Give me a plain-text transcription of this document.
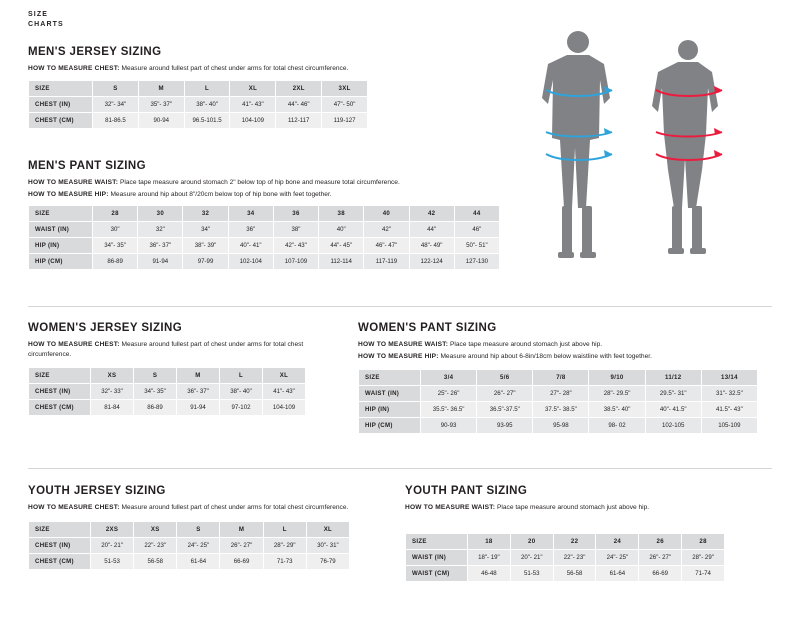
SIZE
CHARTS
MEN'S JERSEY SIZING

HOW TO MEASURE CHEST: Measure around fullest part of chest under arms for total chest circumference.

SIZE	S	M	L	XL	2XL	3XL
CHEST (IN)	32"- 34"	35"- 37"	38"- 40"	41"- 43"	44"- 46"	47"- 50"
CHEST (CM)	81-86.5	90-94	96.5-101.5	104-109	112-117	119-127
MEN'S PANT SIZING

HOW TO MEASURE WAIST: Place tape measure around stomach 2" below top of hip bone and measure total circumference.

HOW TO MEASURE HIP: Measure around hip about 8"/20cm below top of hip bone with feet together.

SIZE	28	30	32	34	36	38	40	42	44
WAIST (IN)	30"	32"	34"	36"	38"	40"	42"	44"	46"
HIP (IN)	34"- 35"	36"- 37"	38"- 39"	40"- 41"	42"- 43"	44"- 45"	46"- 47"	48"- 49"	50"- 51"
HIP (CM)	86-89	91-94	97-99	102-104	107-109	112-114	117-119	122-124	127-130
WOMEN'S JERSEY SIZING

HOW TO MEASURE CHEST: Measure around fullest part of chest under arms for total chest circumference.

SIZE	XS	S	M	L	XL
CHEST (IN)	32"- 33"	34"- 35"	36"- 37"	38"- 40"	41"- 43"
CHEST (CM)	81-84	86-89	91-94	97-102	104-109
WOMEN'S PANT SIZING

HOW TO MEASURE WAIST: Place tape measure around stomach just above hip.

HOW TO MEASURE HIP: Measure around hip about 6-8in/18cm below waistline with feet together.

SIZE	3/4	5/6	7/8	9/10	11/12	13/14
WAIST (IN)	25"- 26"	26"- 27"	27"- 28"	28"- 29.5"	29.5"- 31"	31"- 32.5"
HIP (IN)	35.5"- 36.5"	36.5"-37.5"	37.5"- 38.5"	38.5"- 40"	40"- 41.5"	41.5"- 43"
HIP (CM)	90-93	93-95	95-98	98- 02	102-105	105-109
YOUTH JERSEY SIZING

HOW TO MEASURE CHEST: Measure around fullest part of chest under arms for total chest circumference.

SIZE	2XS	XS	S	M	L	XL
CHEST (IN)	20"- 21"	22"- 23"	24"- 25"	26"- 27"	28"- 29"	30"- 31"
CHEST (CM)	51-53	56-58	61-64	66-69	71-73	76-79
YOUTH PANT SIZING

HOW TO MEASURE WAIST: Place tape measure around stomach just above hip.

SIZE	18	20	22	24	26	28
WAIST (IN)	18"- 19"	20"- 21"	22"- 23"	24"- 25"	26"- 27"	28"- 29"
WAIST (CM)	46-48	51-53	56-58	61-64	66-69	71-74
